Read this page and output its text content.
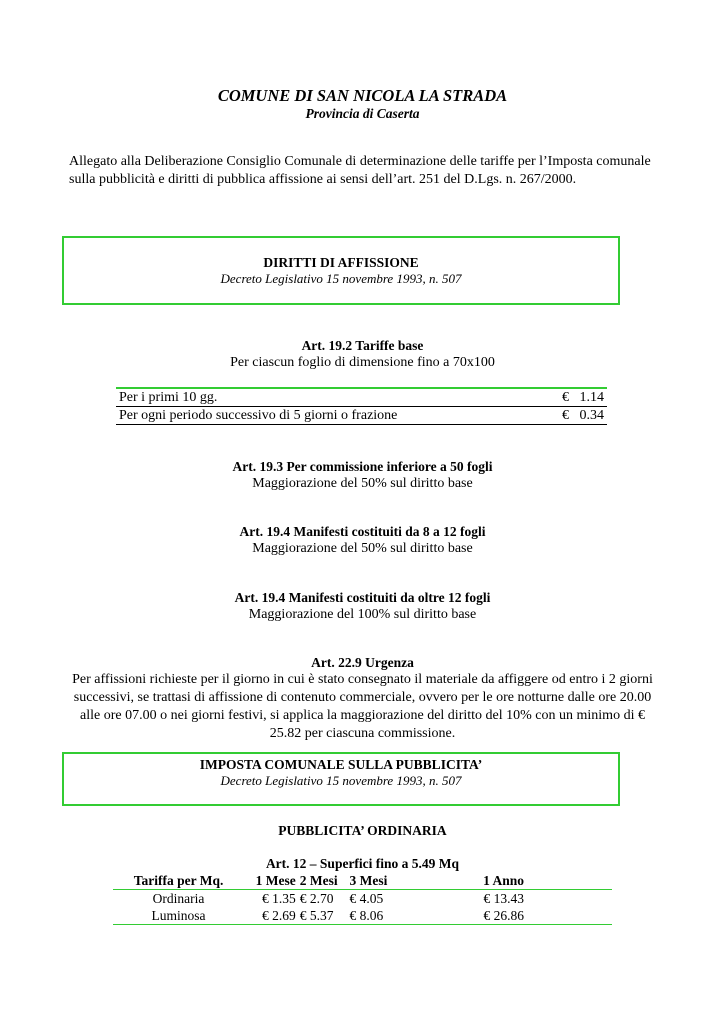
COMUNE DI SAN NICOLA LA STRADA
Provincia di Caserta
Allegato alla Deliberazione Consiglio Comunale di determinazione delle tariffe per l’Imposta comunale
sulla pubblicità e diritti di pubblica affissione ai sensi dell’art. 251 del D.Lgs. n. 267/2000.
DIRITTI DI AFFISSIONE
Decreto Legislativo 15 novembre 1993, n. 507
Art. 19.2 Tariffe base
Per ciascun foglio di dimensione fino a 70x100
Per i primi 10 gg.	€   1.14
Per ogni periodo successivo di 5 giorni o frazione	€   0.34
Art. 19.3 Per commissione inferiore a 50 fogli
Maggiorazione del 50% sul diritto base
Art. 19.4 Manifesti costituiti da 8 a 12 fogli
Maggiorazione del 50% sul diritto base
Art. 19.4 Manifesti costituiti da oltre 12 fogli
Maggiorazione del 100% sul diritto base
Art. 22.9 Urgenza
Per affissioni richieste per il giorno in cui è stato consegnato il materiale da affiggere od entro i 2 giorni
successivi, se trattasi di affissione di contenuto commerciale, ovvero per le ore notturne dalle ore 20.00
alle ore 07.00 o nei giorni festivi, si applica la maggiorazione del diritto del 10% con un minimo di €
25.82 per ciascuna commissione.
IMPOSTA COMUNALE SULLA PUBBLICITA’
Decreto Legislativo 15 novembre 1993, n. 507
PUBBLICITA’ ORDINARIA
Art. 12 – Superfici fino a 5.49 Mq
Tariffa per Mq.	1 Mese	2 Mesi	3 Mesi	1 Anno	
Ordinaria	€ 1.35	€ 2.70	€ 4.05	€ 13.43	
Luminosa	€ 2.69	€ 5.37	€ 8.06	€ 26.86	
